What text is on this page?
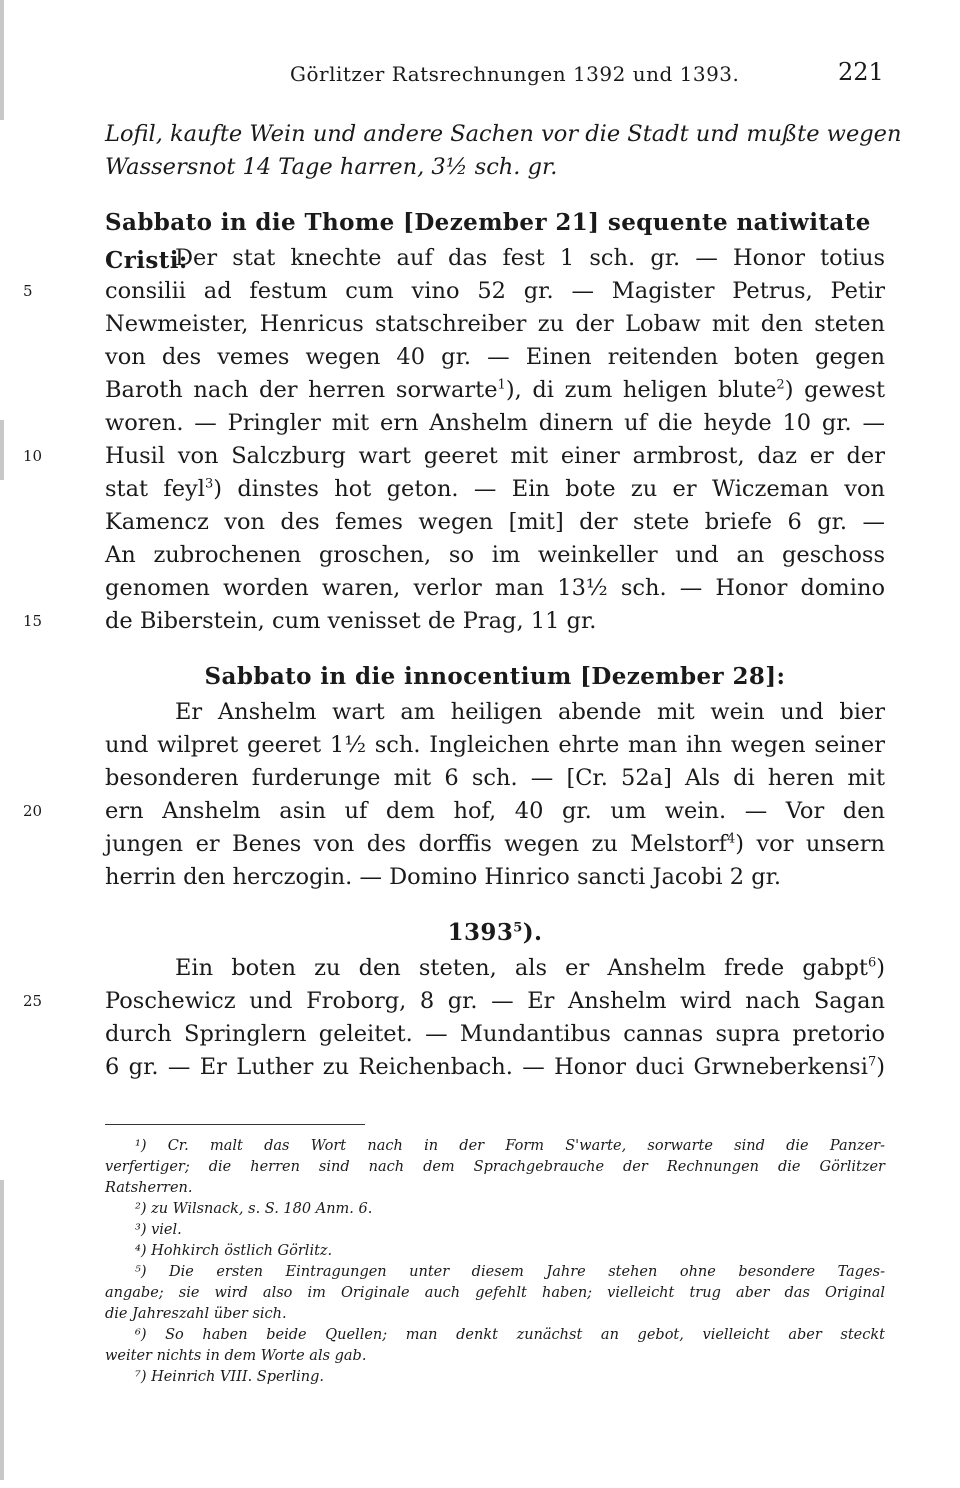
Görlitzer Ratsrechnungen 1392 und 1393.	221
Lofil, kaufte Wein und andere Sachen vor die Stadt und mußte wegen
Wassersnot 14 Tage harren, 3½ sch. gr.
Sabbato in die Thome [Dezember 21] sequente natiwitate Cristi:
Der stat knechte auf das fest 1 sch. gr. — Honor totius
5	consilii ad festum cum vino 52 gr. — Magister Petrus, Petir
Newmeister, Henricus statschreiber zu der Lobaw mit den steten
von des vemes wegen 40 gr. — Einen reitenden boten gegen
Baroth nach der herren sorwarte$^1$), di zum heligen blute$^2$) gewest
woren. — Pringler mit ern Anshelm dinern uf die heyde 10 gr. —
10	Husil von Salczburg wart geeret mit einer armbrost, daz er der
stat feyl$^3$) dinstes hot geton. — Ein bote zu er Wiczeman von
Kamencz von des femes wegen [mit] der stete briefe 6 gr. —
An zubrochenen groschen, so im weinkeller und an geschoss
genomen worden waren, verlor man 13½ sch. — Honor domino
15	de Biberstein, cum venisset de Prag, 11 gr.
Sabbato in die innocentium [Dezember 28]:
Er Anshelm wart am heiligen abende mit wein und bier
und wilpret geeret 1½ sch. Ingleichen ehrte man ihn wegen seiner
besonderen furderunge mit 6 sch. — [Cr. 52a] Als di heren mit
20	ern Anshelm asin uf dem hof, 40 gr. um wein. — Vor den
jungen er Benes von des dorffis wegen zu Melstorf$^4$) vor unsern
herrin den herczogin. — Domino Hinrico sancti Jacobi 2 gr.
1393$^5$).
Ein boten zu den steten, als er Anshelm frede gabpt$^6$)
25	Poschewicz und Froborg, 8 gr. — Er Anshelm wird nach Sagan
durch Springlern geleitet. — Mundantibus cannas supra pretorio
6 gr. — Er Luther zu Reichenbach. — Honor duci Grwneberkensi$^7$)
¹) Cr. malt das Wort nach in der Form S'warte, sorwarte sind die Panzer-
verfertiger; die herren sind nach dem Sprachgebrauche der Rechnungen die Görlitzer
Ratsherren.
²) zu Wilsnack, s. S. 180 Anm. 6.
³) viel.
⁴) Hohkirch östlich Görlitz.
⁵) Die ersten Eintragungen unter diesem Jahre stehen ohne besondere Tages-
angabe; sie wird also im Originale auch gefehlt haben; vielleicht trug aber das Original
die Jahreszahl über sich.
⁶) So haben beide Quellen; man denkt zunächst an gebot, vielleicht aber steckt
weiter nichts in dem Worte als gab.
⁷) Heinrich VIII. Sperling.
